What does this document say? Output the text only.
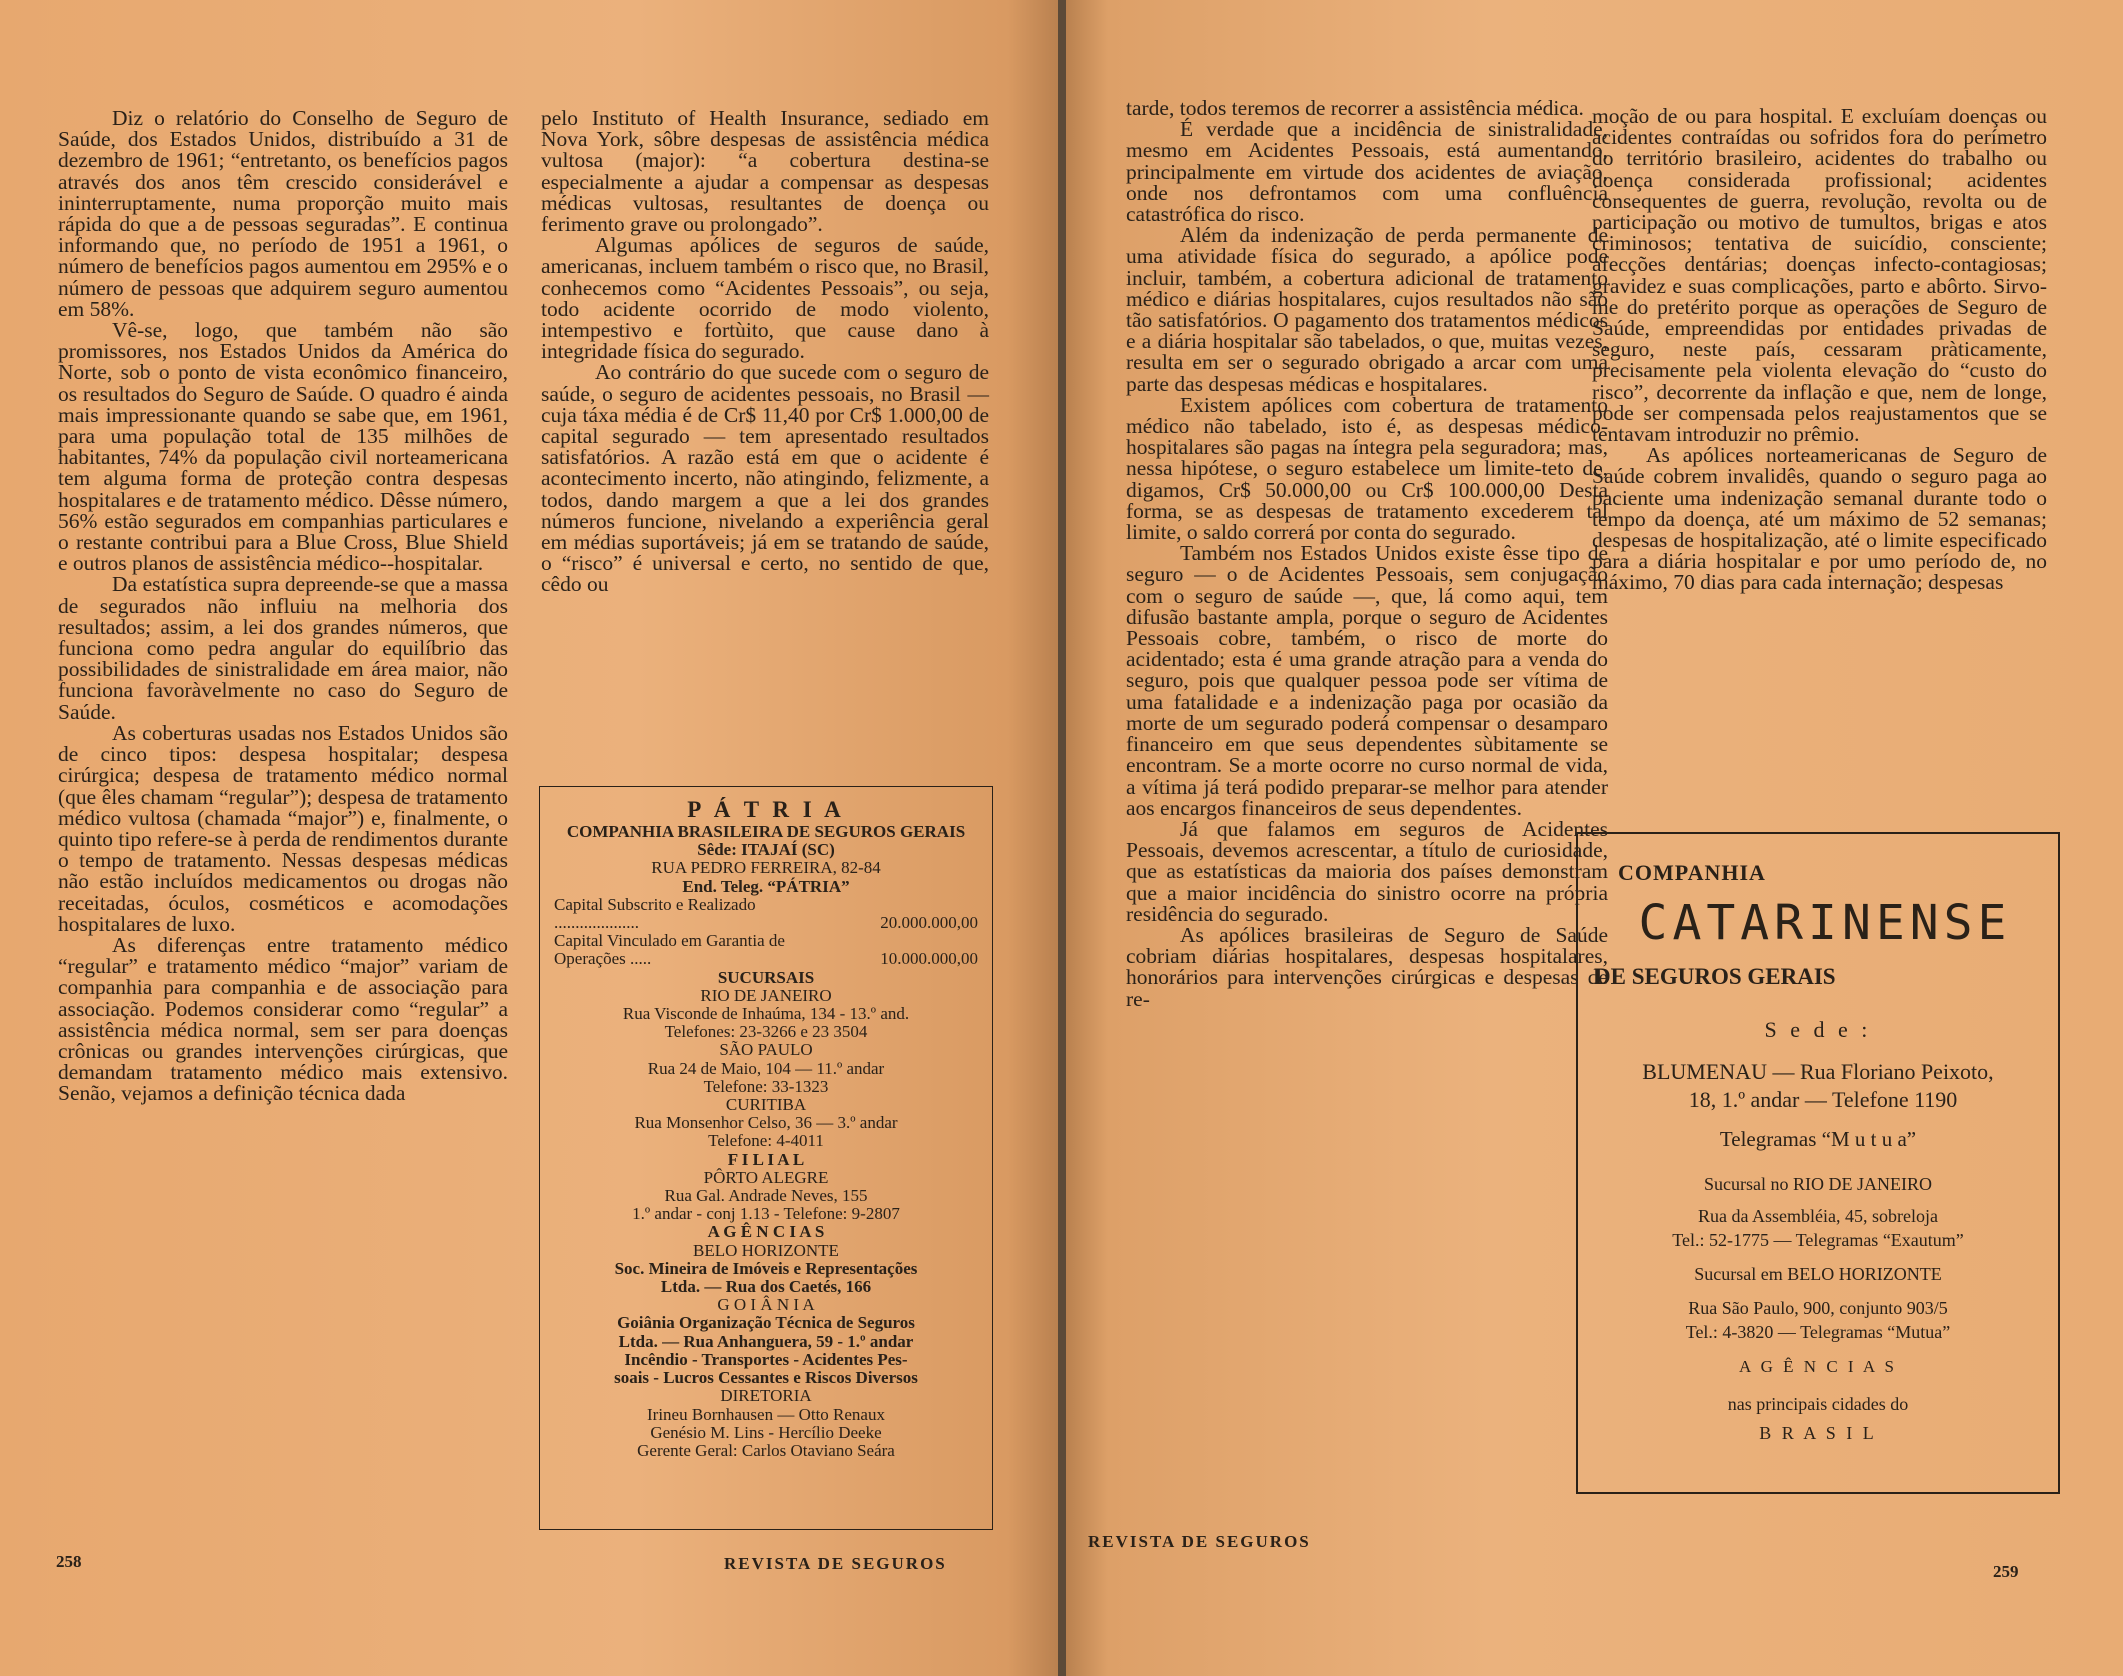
Diz o relatório do Conselho de Seguro de Saúde, dos Estados Unidos, distribuído a 31 de dezembro de 1961; “entretanto, os benefícios pagos através dos anos têm crescido considerável e ininterruptamente, numa proporção muito mais rápida do que a de pessoas seguradas”. E continua informando que, no período de 1951 a 1961, o número de benefícios pagos aumentou em 295% e o número de pessoas que adquirem seguro aumentou em 58%.

Vê-se, logo, que também não são promissores, nos Estados Unidos da América do Norte, sob o ponto de vista econômico financeiro, os resultados do Seguro de Saúde. O quadro é ainda mais impressionante quando se sabe que, em 1961, para uma população total de 135 milhões de habitantes, 74% da população civil norteamericana tem alguma forma de proteção contra despesas hospitalares e de tratamento médico. Dêsse número, 56% estão segurados em companhias particulares e o restante contribui para a Blue Cross, Blue Shield e outros planos de assistência médico--hospitalar.

Da estatística supra depreende-se que a massa de segurados não influiu na melhoria dos resultados; assim, a lei dos grandes números, que funciona como pedra angular do equilíbrio das possibilidades de sinistralidade em área maior, não funciona favoràvelmente no caso do Seguro de Saúde.

As coberturas usadas nos Estados Unidos são de cinco tipos: despesa hospitalar; despesa cirúrgica; despesa de tratamento médico normal (que êles chamam “regular”); despesa de tratamento médico vultosa (chamada “major”) e, finalmente, o quinto tipo refere-se à perda de rendimentos durante o tempo de tratamento. Nessas despesas médicas não estão incluídos medicamentos ou drogas não receitadas, óculos, cosméticos e acomodações hospitalares de luxo.

As diferenças entre tratamento médico “regular” e tratamento médico “major” variam de companhia para companhia e de associação para associação. Podemos considerar como “regular” a assistência médica normal, sem ser para doenças crônicas ou grandes intervenções cirúrgicas, que demandam tratamento médico mais extensivo. Senão, vejamos a definição técnica dada

pelo Instituto of Health Insurance, sediado em Nova York, sôbre despesas de assistência médica vultosa (major): “a cobertura destina-se especialmente a ajudar a compensar as despesas médicas vultosas, resultantes de doença ou ferimento grave ou prolongado”.

Algumas apólices de seguros de saúde, americanas, incluem também o risco que, no Brasil, conhecemos como “Acidentes Pessoais”, ou seja, todo acidente ocorrido de modo violento, intempestivo e fortùito, que cause dano à integridade física do segurado.

Ao contrário do que sucede com o seguro de saúde, o seguro de acidentes pessoais, no Brasil — cuja táxa média é de Cr$ 11,40 por Cr$ 1.000,00 de capital segurado — tem apresentado resultados satisfatórios. A razão está em que o acidente é acontecimento incerto, não atingindo, felizmente, a todos, dando margem a que a lei dos grandes números funcione, nivelando a experiência geral em médias suportáveis; já em se tratando de saúde, o “risco” é universal e certo, no sentido de que, cêdo ou

P Á T R I A
COMPANHIA BRASILEIRA DE SEGUROS GERAIS
Sêde: ITAJAÍ (SC)
RUA PEDRO FERREIRA, 82-84
End. Teleg. “PÁTRIA”
Capital Subscrito e Realizado ....................	20.000.000,00
Capital Vinculado em Garantia de Operações .....	10.000.000,00
SUCURSAIS
RIO DE JANEIRO
Rua Visconde de Inhaúma, 134 - 13.º and.
Telefones: 23-3266 e 23 3504
SÃO PAULO
Rua 24 de Maio, 104 — 11.º andar
Telefone: 33-1323
CURITIBA
Rua Monsenhor Celso, 36 — 3.º andar
Telefone: 4-4011
F I L I A L
PÔRTO ALEGRE
Rua Gal. Andrade Neves, 155
1.º andar - conj 1.13 - Telefone: 9-2807
A G Ê N C I A S
BELO HORIZONTE
Soc. Mineira de Imóveis e Representações
Ltda. — Rua dos Caetés, 166
G O I Â N I A
Goiânia Organização Técnica de Seguros
Ltda. — Rua Anhanguera, 59 - 1.º andar
Incêndio - Transportes - Acidentes Pes-
soais - Lucros Cessantes e Riscos Diversos
DIRETORIA
Irineu Bornhausen — Otto Renaux
Genésio M. Lins - Hercílio Deeke
Gerente Geral: Carlos Otaviano Seára
258	REVISTA DE SEGUROS

tarde, todos teremos de recorrer a assistência médica.

É verdade que a incidência de sinistralidade, mesmo em Acidentes Pessoais, está aumentando, principalmente em virtude dos acidentes de aviação, onde nos defrontamos com uma confluência catastrófica do risco.

Além da indenização de perda permanente de uma atividade física do segurado, a apólice pode incluir, também, a cobertura adicional de tratamento médico e diárias hospitalares, cujos resultados não são tão satisfatórios. O pagamento dos tratamentos médicos e a diária hospitalar são tabelados, o que, muitas vezes, resulta em ser o segurado obrigado a arcar com uma parte das despesas médicas e hospitalares.

Existem apólices com cobertura de tratamento médico não tabelado, isto é, as despesas médico-hospitalares são pagas na íntegra pela seguradora; mas, nessa hipótese, o seguro estabelece um limite-teto de, digamos, Cr$ 50.000,00 ou Cr$ 100.000,00 Desta forma, se as despesas de tratamento excederem tal limite, o saldo correrá por conta do segurado.

Também nos Estados Unidos existe êsse tipo de seguro — o de Acidentes Pessoais, sem conjugação com o seguro de saúde —, que, lá como aqui, tem difusão bastante ampla, porque o seguro de Acidentes Pessoais cobre, também, o risco de morte do acidentado; esta é uma grande atração para a venda do seguro, pois que qualquer pessoa pode ser vítima de uma fatalidade e a indenização paga por ocasião da morte de um segurado poderá compensar o desamparo financeiro em que seus dependentes sùbitamente se encontram. Se a morte ocorre no curso normal de vida, a vítima já terá podido preparar-se melhor para atender aos encargos financeiros de seus dependentes.

Já que falamos em seguros de Acidentes Pessoais, devemos acrescentar, a título de curiosidade, que as estatísticas da maioria dos países demonstram que a maior incidência do sinistro ocorre na própria residência do segurado.

As apólices brasileiras de Seguro de Saúde cobriam diárias hospitalares, despesas hospitalares, honorários para intervenções cirúrgicas e despesas de re-

moção de ou para hospital. E excluíam doenças ou acidentes contraídas ou sofridos fora do perímetro do território brasileiro, acidentes do trabalho ou doença considerada profissional; acidentes consequentes de guerra, revolução, revolta ou de participação ou motivo de tumultos, brigas e atos criminosos; tentativa de suicídio, consciente; afecções dentárias; doenças infecto-contagiosas; gravidez e suas complicações, parto e abôrto. Sirvo-me do pretérito porque as operações de Seguro de Saúde, empreendidas por entidades privadas de seguro, neste país, cessaram pràticamente, precisamente pela violenta elevação do “custo do risco”, decorrente da inflação e que, nem de longe, pode ser compensada pelos reajustamentos que se tentavam introduzir no prêmio.

As apólices norteamericanas de Seguro de Saúde cobrem invalidês, quando o seguro paga ao paciente uma indenização semanal durante todo o tempo da doença, até um máximo de 52 semanas; despesas de hospitalização, até o limite especificado para a diária hospitalar e por umo período de, no máximo, 70 dias para cada internação; despesas

COMPANHIA
CATARINENSE
DE SEGUROS GERAIS
S e d e :
BLUMENAU — Rua Floriano Peixoto,
18, 1.º andar — Telefone 1190
Telegramas “M u t u a”
Sucursal no RIO DE JANEIRO
Rua da Assembléia, 45, sobreloja
Tel.: 52-1775 — Telegramas “Exautum”
Sucursal em BELO HORIZONTE
Rua São Paulo, 900, conjunto 903/5
Tel.: 4-3820 — Telegramas “Mutua”
A G Ê N C I A S
nas principais cidades do
B R A S I L
REVISTA DE SEGUROS
259
